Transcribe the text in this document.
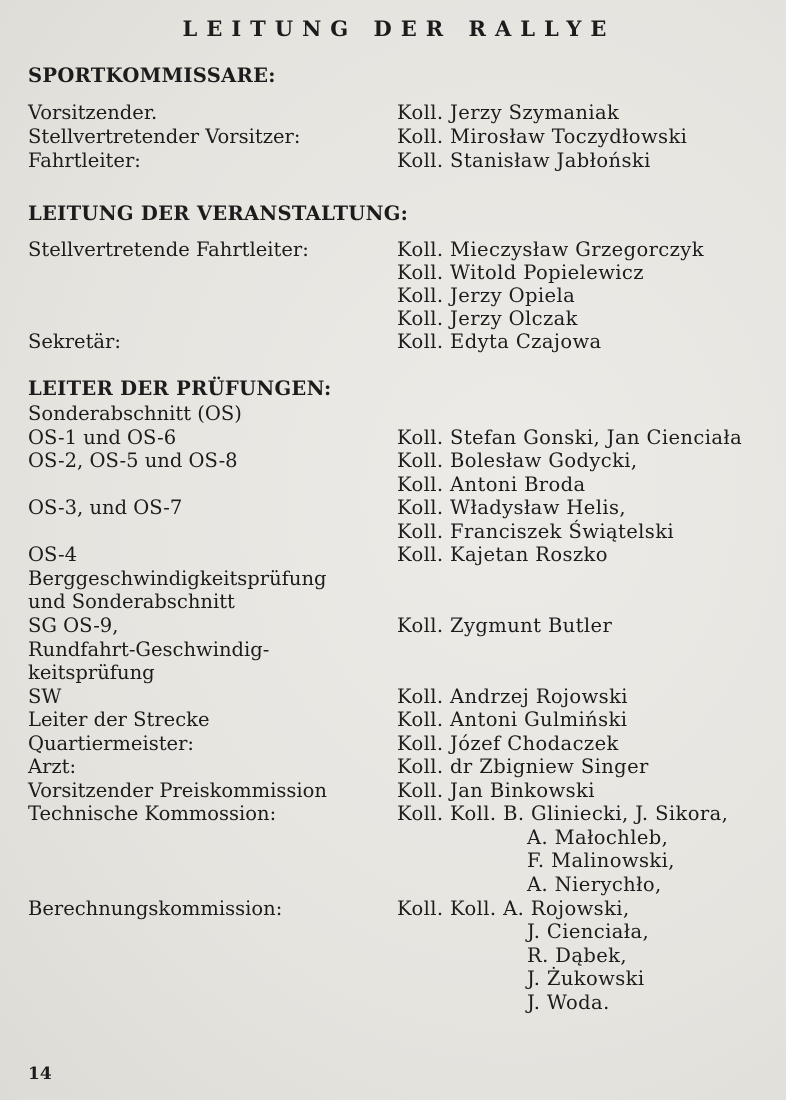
LEITUNG DER RALLYE
SPORTKOMMISSARE:
Vorsitzender.	Koll. Jerzy Szymaniak
Stellvertretender Vorsitzer:	Koll. Mirosław Toczydłowski
Fahrtleiter:	Koll. Stanisław Jabłoński
LEITUNG DER VERANSTALTUNG:
Stellvertretende Fahrtleiter:	Koll. Mieczysław Grzegorczyk
Koll. Witold Popielewicz
Koll. Jerzy Opiela
Koll. Jerzy Olczak
Sekretär:	Koll. Edyta Czajowa
LEITER DER PRÜFUNGEN:
Sonderabschnitt (OS)
OS-1 und OS-6	Koll. Stefan Gonski, Jan Cienciała
OS-2, OS-5 und OS-8	Koll. Bolesław Godycki,
Koll. Antoni Broda
OS-3, und OS-7	Koll. Władysław Helis,
Koll. Franciszek Świątelski
OS-4	Koll. Kajetan Roszko
Berggeschwindigkeitsprüfung
und Sonderabschnitt
SG OS-9,	Koll. Zygmunt Butler
Rundfahrt-Geschwindig-
keitsprüfung
SW	Koll. Andrzej Rojowski
Leiter der Strecke	Koll. Antoni Gulmiński
Quartiermeister:	Koll. Józef Chodaczek
Arzt:	Koll. dr Zbigniew Singer
Vorsitzender Preiskommission	Koll. Jan Binkowski
Technische Kommossion:	Koll. Koll. B. Gliniecki, J. Sikora,
A. Małochleb,
F. Malinowski,
A. Nierychło,
Berechnungskommission:	Koll. Koll. A. Rojowski,
J. Cienciała,
R. Dąbek,
J. Żukowski
J. Woda.
14
